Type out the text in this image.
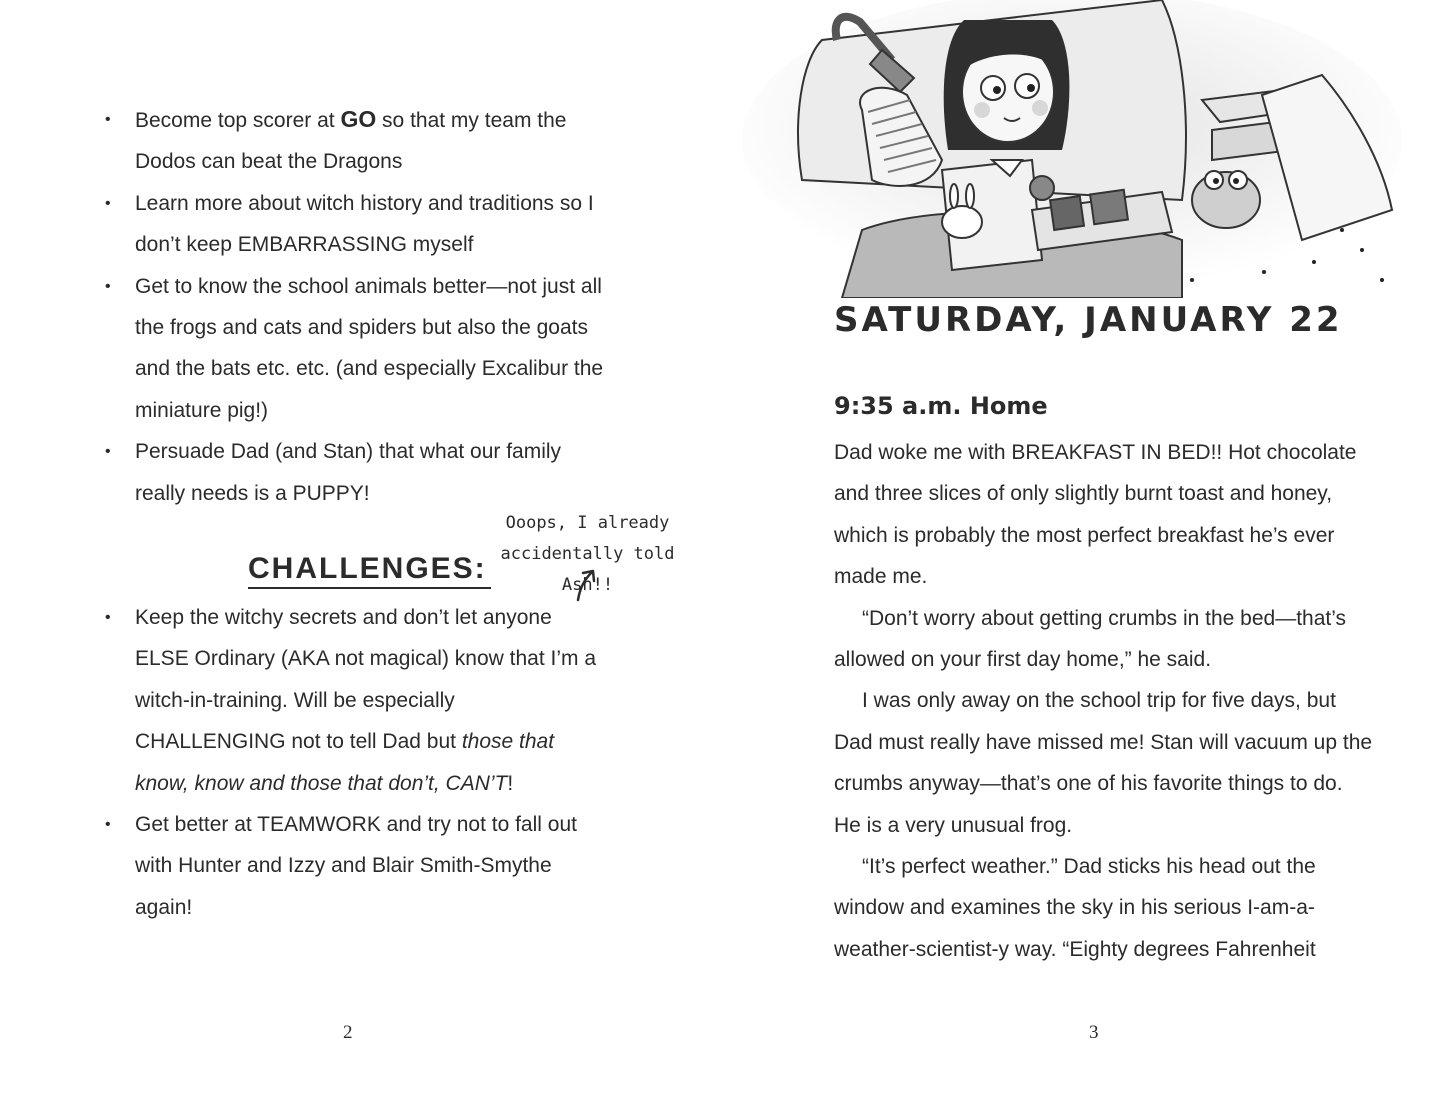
• Become top scorer at GO so that my team the Dodos can beat the Dragons
• Learn more about witch history and traditions so I don’t keep EMBARRASSING myself
• Get to know the school animals better—not just all the frogs and cats and spiders but also the goats and the bats etc. etc. (and especially Excalibur the miniature pig!)
• Persuade Dad (and Stan) that what our family really needs is a PUPPY!
CHALLENGES:
Ooops, I already accidentally told Ash!!
• Keep the witchy secrets and don’t let anyone ELSE Ordinary (AKA not magical) know that I’m a witch-in-training. Will be especially CHALLENGING not to tell Dad but those that know, know and those that don’t, CAN’T!
• Get better at TEAMWORK and try not to fall out with Hunter and Izzy and Blair Smith-Smythe again!
2
SATURDAY, JANUARY 22
9:35 a.m. Home

Dad woke me with BREAKFAST IN BED!! Hot chocolate and three slices of only slightly burnt toast and honey, which is probably the most perfect breakfast he’s ever made me.

“Don’t worry about getting crumbs in the bed—that’s allowed on your first day home,” he said.

I was only away on the school trip for five days, but Dad must really have missed me! Stan will vacuum up the crumbs anyway—that’s one of his favorite things to do. He is a very unusual frog.

“It’s perfect weather.” Dad sticks his head out the window and examines the sky in his serious I-am-a-weather-scientist-y way. “Eighty degrees Fahrenheit

3
